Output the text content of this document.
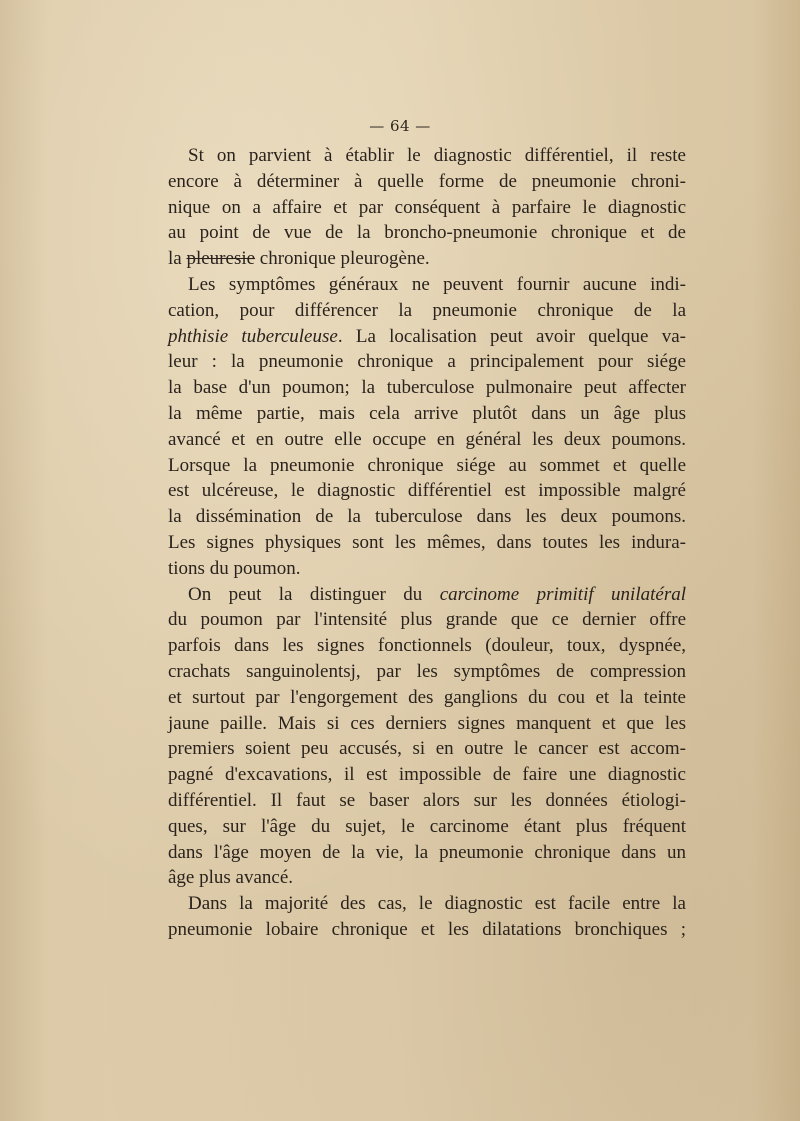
— 64 —
St on parvient à établir le diagnostic différentiel, il reste
encore à déterminer à quelle forme de pneumonie chroni-
nique on a affaire et par conséquent à parfaire le diagnostic
au point de vue de la broncho-pneumonie chronique et de
la pleuresie chronique pleurogène.
Les symptômes généraux ne peuvent fournir aucune indi-
cation, pour différencer la pneumonie chronique de la
phthisie tuberculeuse. La localisation peut avoir quelque va-
leur : la pneumonie chronique a principalement pour siége
la base d'un poumon; la tuberculose pulmonaire peut affecter
la même partie, mais cela arrive plutôt dans un âge plus
avancé et en outre elle occupe en général les deux poumons.
Lorsque la pneumonie chronique siége au sommet et quelle
est ulcéreuse, le diagnostic différentiel est impossible malgré
la dissémination de la tuberculose dans les deux poumons.
Les signes physiques sont les mêmes, dans toutes les indura-
tions du poumon.
On peut la distinguer du carcinome primitif unilatéral
du poumon par l'intensité plus grande que ce dernier offre
parfois dans les signes fonctionnels (douleur, toux, dyspnée,
crachats sanguinolentsj, par les symptômes de compression
et surtout par l'engorgement des ganglions du cou et la teinte
jaune paille. Mais si ces derniers signes manquent et que les
premiers soient peu accusés, si en outre le cancer est accom-
pagné d'excavations, il est impossible de faire une diagnostic
différentiel. Il faut se baser alors sur les données étiologi-
ques, sur l'âge du sujet, le carcinome étant plus fréquent
dans l'âge moyen de la vie, la pneumonie chronique dans un
âge plus avancé.
Dans la majorité des cas, le diagnostic est facile entre la
pneumonie lobaire chronique et les dilatations bronchiques ;
